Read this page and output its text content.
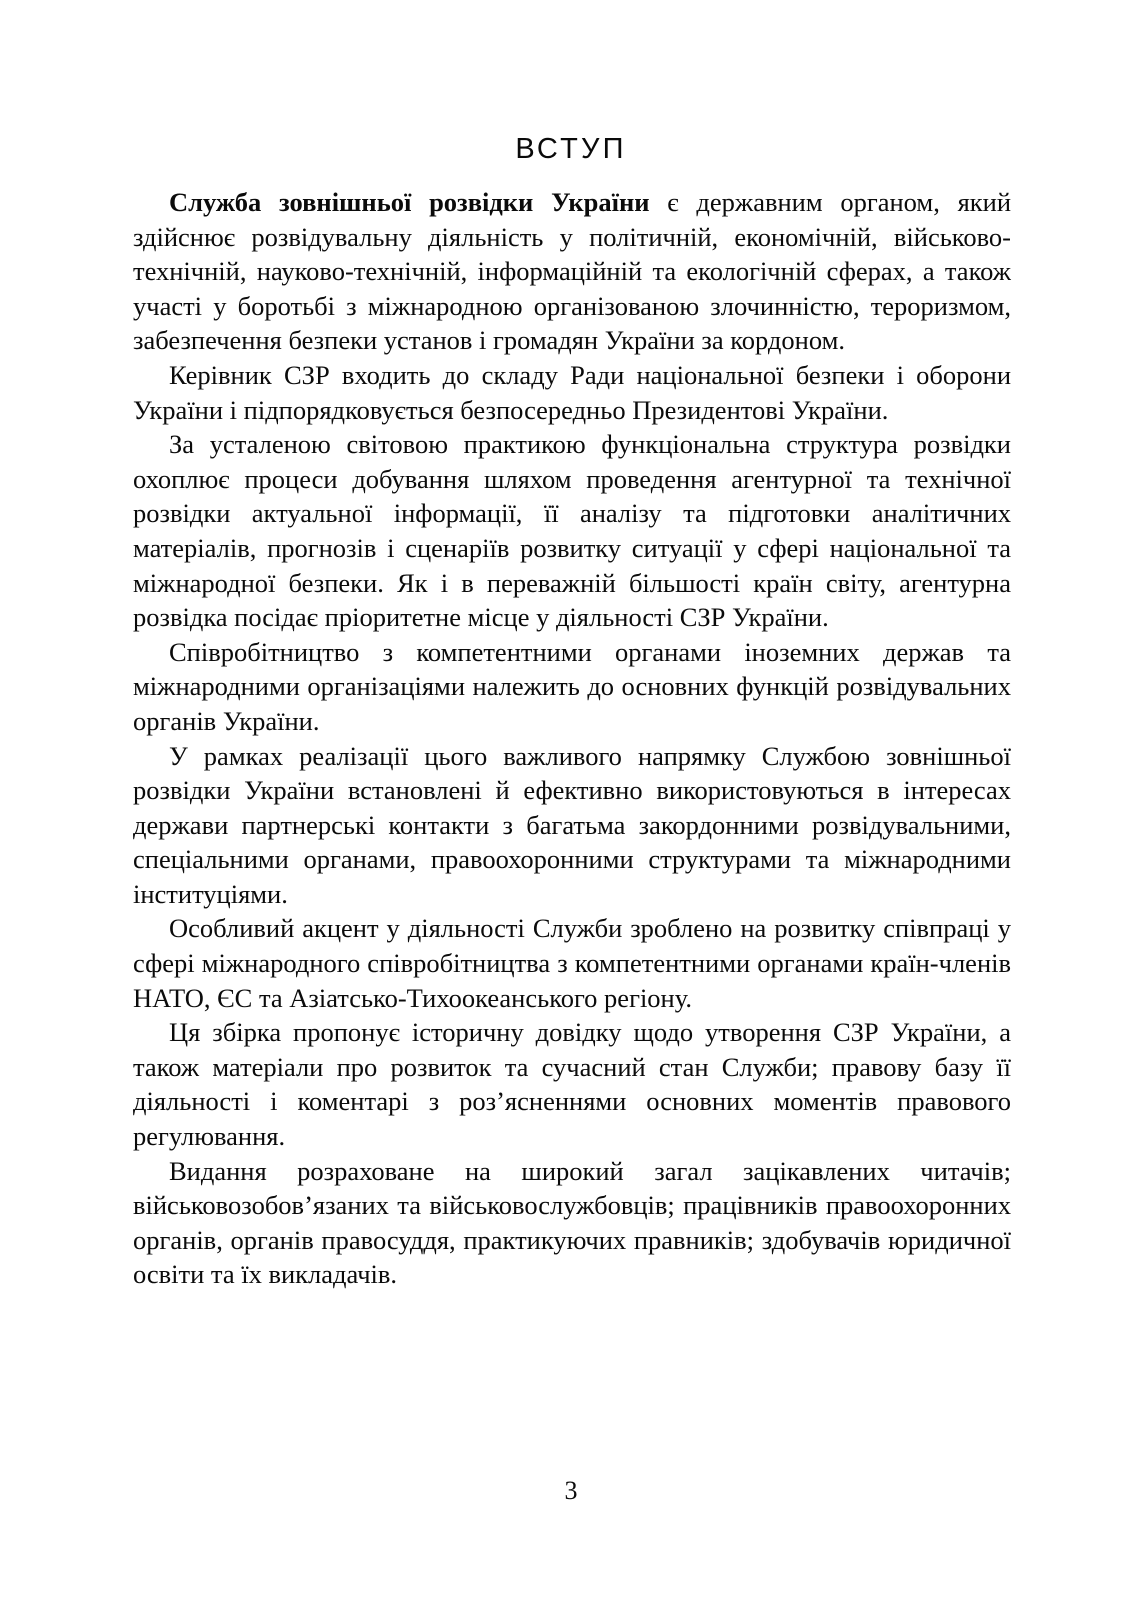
ВСТУП

Служба зовнішньої розвідки України є державним органом, який здійснює розвідувальну діяльність у політичній, економічній, військово-технічній, науково-технічній, інформаційній та екологічній сферах, а також участі у боротьбі з міжнародною організованою злочинністю, тероризмом, забезпечення безпеки установ і громадян України за кордоном.

Керівник СЗР входить до складу Ради національної безпеки і оборони України і підпорядковується безпосередньо Президентові України.

За усталеною світовою практикою функціональна структура розвідки охоплює процеси добування шляхом проведення агентурної та технічної розвідки актуальної інформації, її аналізу та підготовки аналітичних матеріалів, прогнозів і сценаріїв розвитку ситуації у сфері національної та міжнародної безпеки. Як і в переважній більшості країн світу, агентурна розвідка посідає пріоритетне місце у діяльності СЗР України.

Співробітництво з компетентними органами іноземних держав та міжнародними організаціями належить до основних функцій розвідувальних органів України.

У рамках реалізації цього важливого напрямку Службою зовнішньої розвідки України встановлені й ефективно використовуються в інтересах держави партнерські контакти з багатьма закордонними розвідувальними, спеціальними органами, правоохоронними структурами та міжнародними інституціями.

Особливий акцент у діяльності Служби зроблено на розвитку співпраці у сфері міжнародного співробітництва з компетентними органами країн-членів НАТО, ЄС та Азіатсько-Тихоокеанського регіону.

Ця збірка пропонує історичну довідку щодо утворення СЗР України, а також матеріали про розвиток та сучасний стан Служби; правову базу її діяльності і коментарі з роз’ясненнями основних моментів правового регулювання.

Видання розраховане на широкий загал зацікавлених читачів; військовозобов’язаних та військовослужбовців; працівників правоохоронних органів, органів правосуддя, практикуючих правників; здобувачів юридичної освіти та їх викладачів.

3
